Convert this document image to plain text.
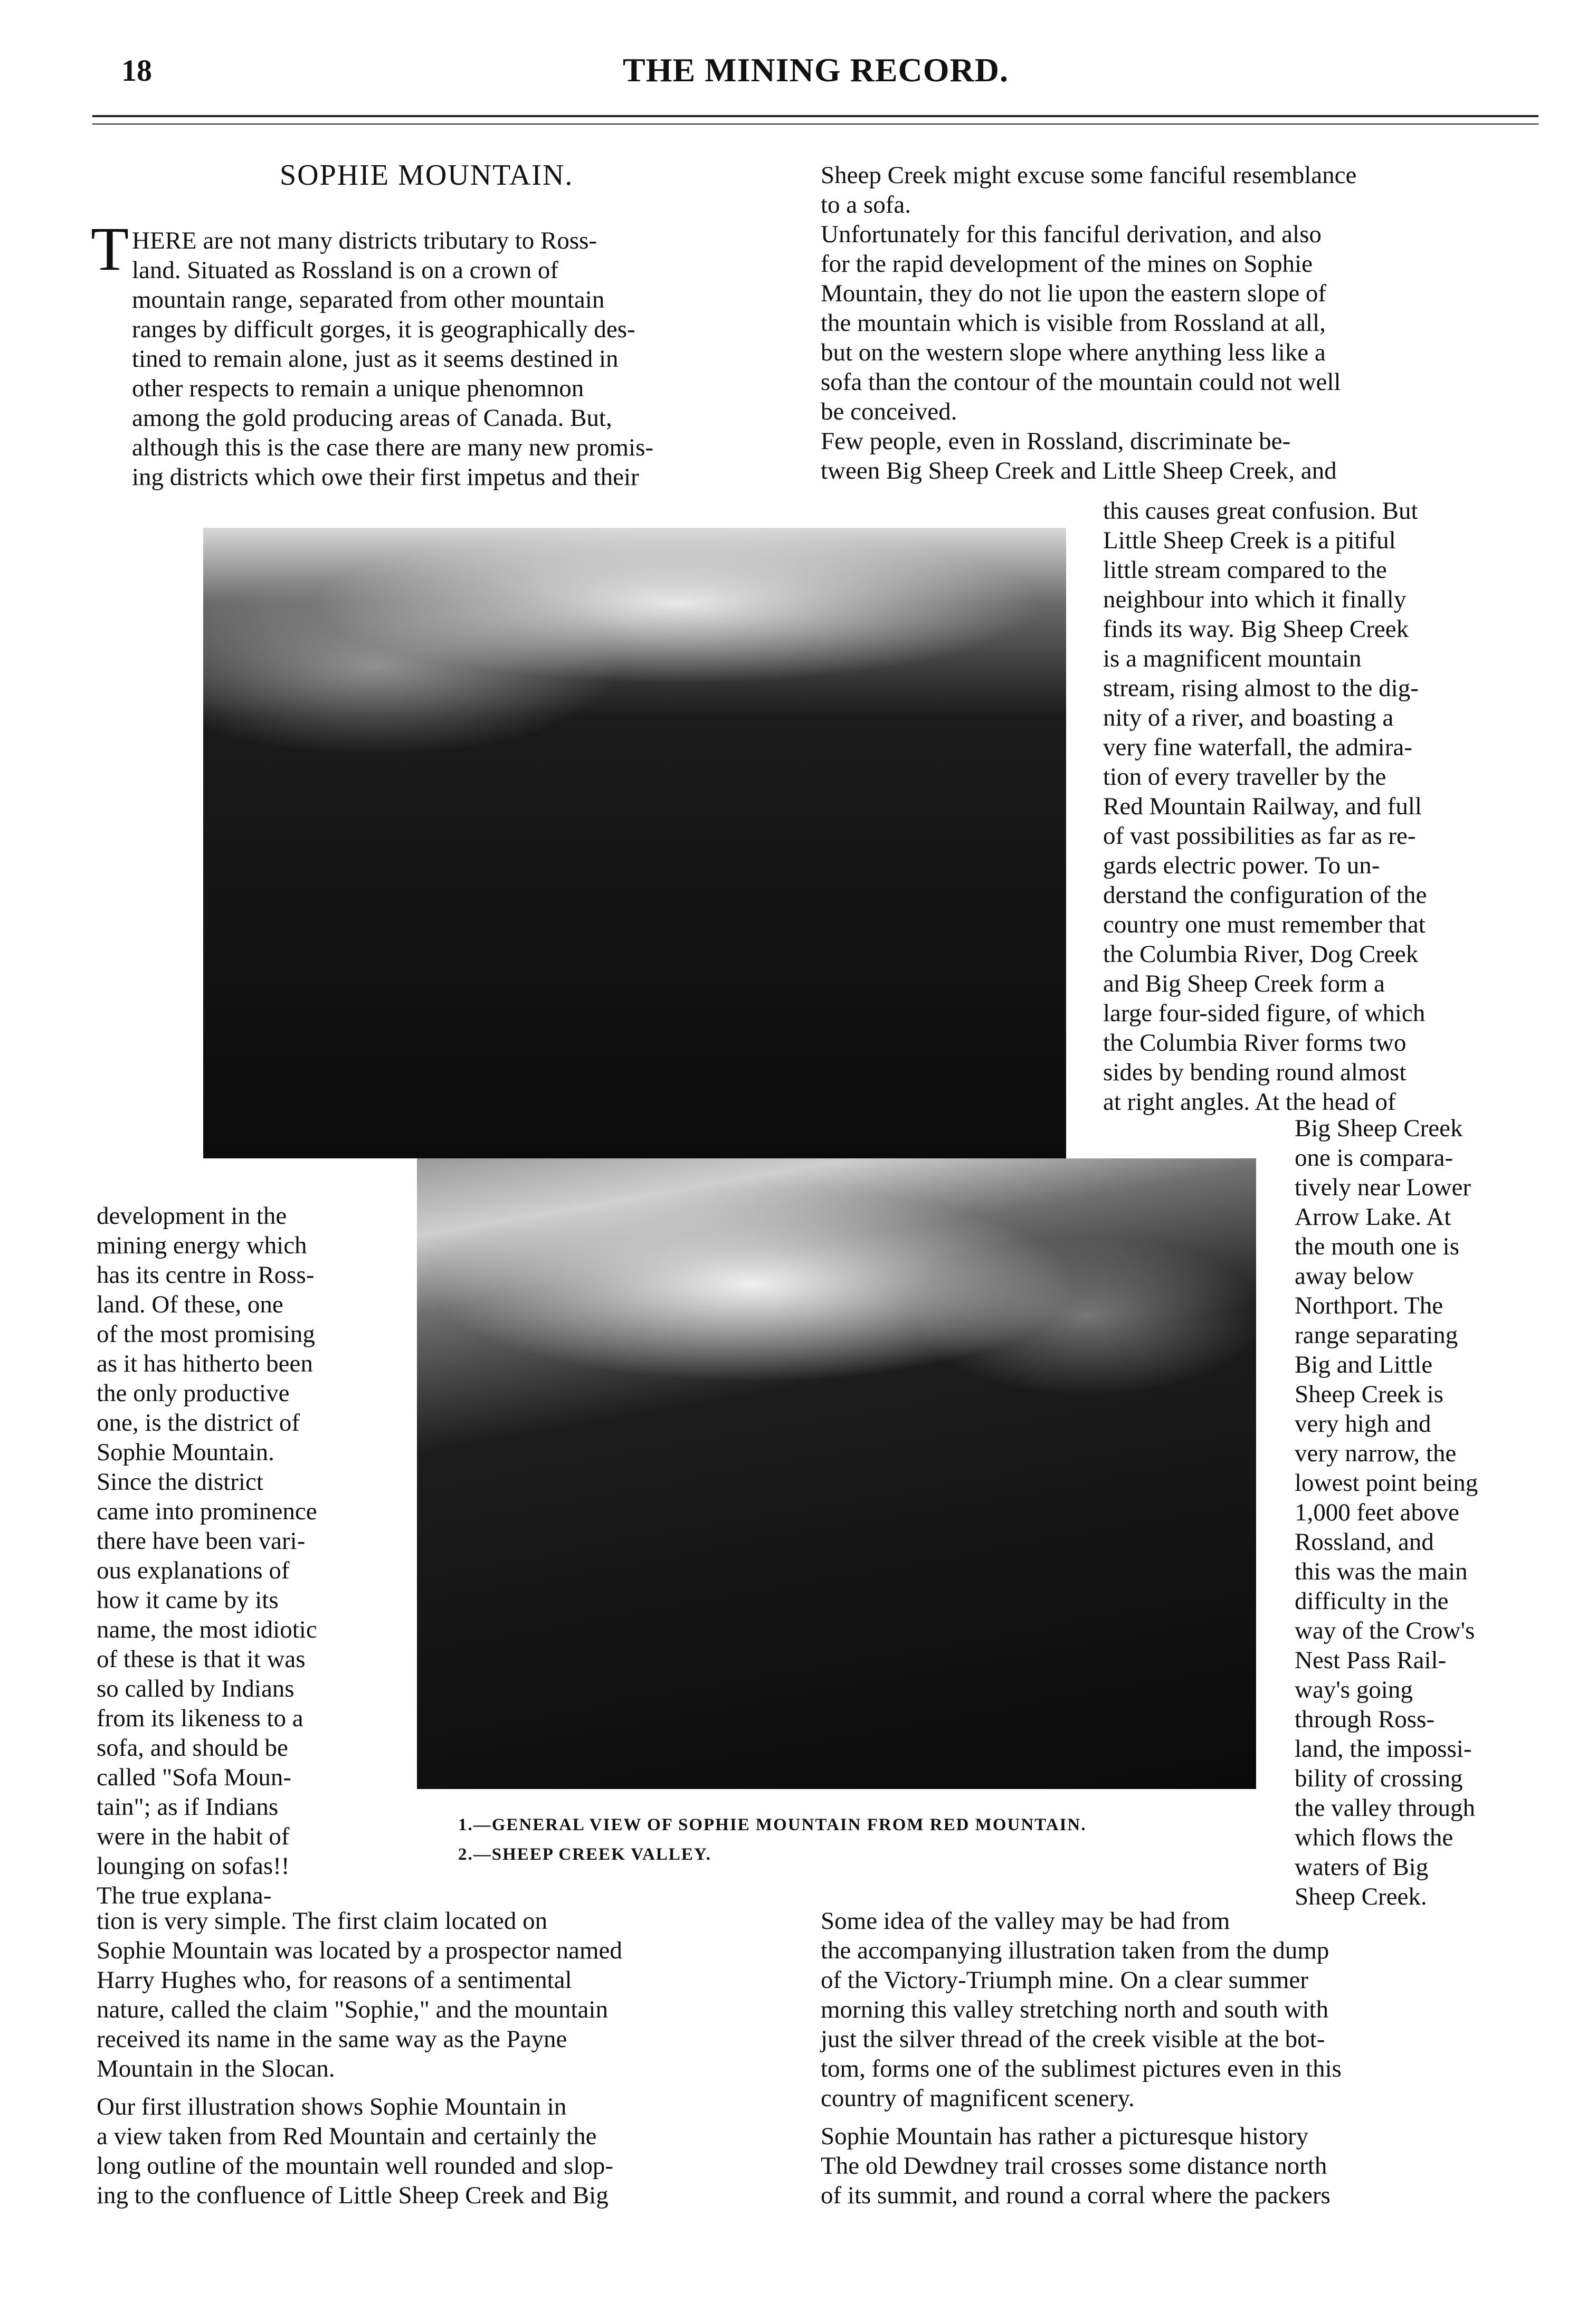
18	THE MINING RECORD.
SOPHIE MOUNTAIN.
T HERE are not many districts tributary to Ross-
land. Situated as Rossland is on a crown of
mountain range, separated from other mountain
ranges by difficult gorges, it is geographically des-
tined to remain alone, just as it seems destined in
other respects to remain a unique phenomnon
among the gold producing areas of Canada. But,
although this is the case there are many new promis-
ing districts which owe their first impetus and their
development in the
mining energy which
has its centre in Ross-
land. Of these, one
of the most promising
as it has hitherto been
the only productive
one, is the district of
Sophie Mountain.
Since the district
came into prominence
there have been vari-
ous explanations of
how it came by its
name, the most idiotic
of these is that it was
so called by Indians
from its likeness to a
sofa, and should be
called "Sofa Moun-
tain"; as if Indians
were in the habit of
lounging on sofas!!
The true explana-
1.—GENERAL VIEW OF SOPHIE MOUNTAIN FROM RED MOUNTAIN.
2.—SHEEP CREEK VALLEY.
tion is very simple. The first claim located on
Sophie Mountain was located by a prospector named
Harry Hughes who, for reasons of a sentimental
nature, called the claim "Sophie," and the mountain
received its name in the same way as the Payne
Mountain in the Slocan.
Our first illustration shows Sophie Mountain in
a view taken from Red Mountain and certainly the
long outline of the mountain well rounded and slop-
ing to the confluence of Little Sheep Creek and Big
Sheep Creek might excuse some fanciful resemblance
to a sofa.
Unfortunately for this fanciful derivation, and also
for the rapid development of the mines on Sophie
Mountain, they do not lie upon the eastern slope of
the mountain which is visible from Rossland at all,
but on the western slope where anything less like a
sofa than the contour of the mountain could not well
be conceived.
Few people, even in Rossland, discriminate be-
tween Big Sheep Creek and Little Sheep Creek, and
this causes great confusion. But
Little Sheep Creek is a pitiful
little stream compared to the
neighbour into which it finally
finds its way. Big Sheep Creek
is a magnificent mountain
stream, rising almost to the dig-
nity of a river, and boasting a
very fine waterfall, the admira-
tion of every traveller by the
Red Mountain Railway, and full
of vast possibilities as far as re-
gards electric power. To un-
derstand the configuration of the
country one must remember that
the Columbia River, Dog Creek
and Big Sheep Creek form a
large four-sided figure, of which
the Columbia River forms two
sides by bending round almost
at right angles. At the head of
Big Sheep Creek
one is compara-
tively near Lower
Arrow Lake. At
the mouth one is
away below
Northport. The
range separating
Big and Little
Sheep Creek is
very high and
very narrow, the
lowest point being
1,000 feet above
Rossland, and
this was the main
difficulty in the
way of the Crow's
Nest Pass Rail-
way's going
through Ross-
land, the impossi-
bility of crossing
the valley through
which flows the
waters of Big
Sheep Creek.
Some idea of the valley may be had from
the accompanying illustration taken from the dump
of the Victory-Triumph mine. On a clear summer
morning this valley stretching north and south with
just the silver thread of the creek visible at the bot-
tom, forms one of the sublimest pictures even in this
country of magnificent scenery.
Sophie Mountain has rather a picturesque history
The old Dewdney trail crosses some distance north
of its summit, and round a corral where the packers
